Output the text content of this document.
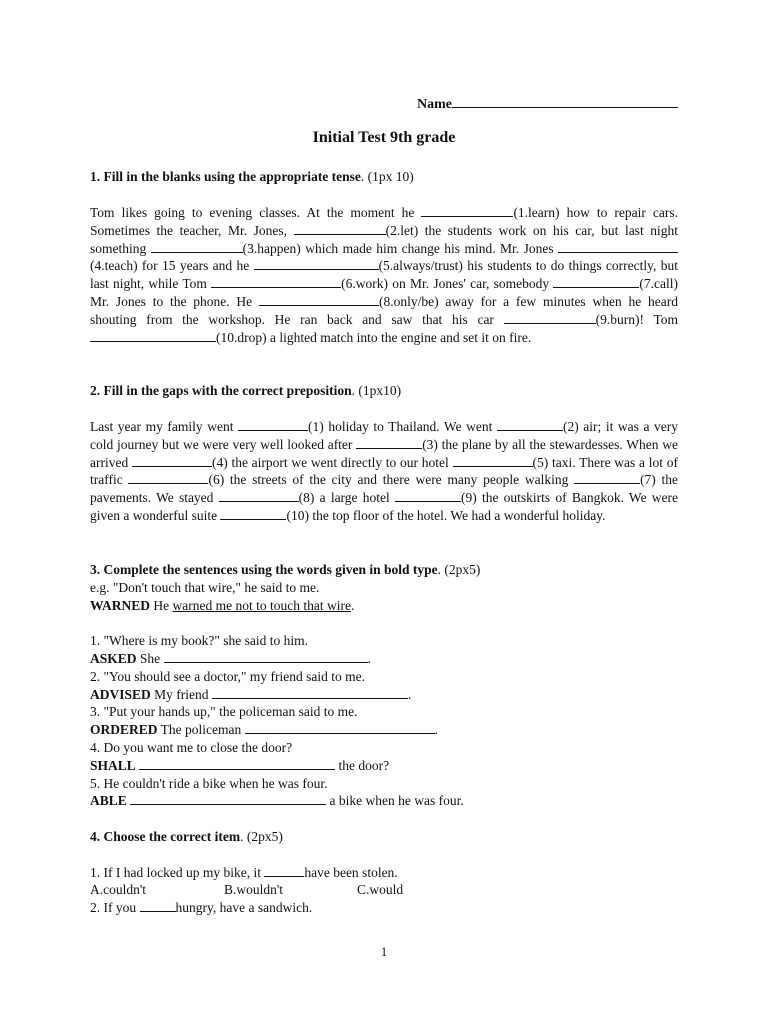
Name
Initial Test 9th grade
1. Fill in the blanks using the appropriate tense. (1px 10)
Tom likes going to evening classes. At the moment he	(1.learn) how to repair cars. Sometimes the teacher, Mr. Jones,	(2.let) the students work on his car, but last night something	(3.happen) which made him change his mind. Mr. Jones (4.teach) for 15 years and he	(5.always/trust) his students to do things correctly, but last night, while Tom	(6.work) on Mr. Jones' car, somebody	(7.call) Mr. Jones to the phone. He	(8.only/be) away for a few minutes when he heard shouting from the workshop. He ran back and saw that his car	(9.burn)! Tom (10.drop) a lighted match into the engine and set it on fire.
2. Fill in the gaps with the correct preposition. (1px10)
Last year my family went	(1) holiday to Thailand. We went	(2) air; it was a very cold journey but we were very well looked after	(3) the plane by all the stewardesses. When we arrived	(4) the airport we went directly to our hotel	(5) taxi. There was a lot of traffic	(6) the streets of the city and there were many people walking	(7) the pavements. We stayed	(8) a large hotel	(9) the outskirts of Bangkok. We were given a wonderful suite	(10) the top floor of the hotel. We had a wonderful holiday.
3. Complete the sentences using the words given in bold type. (2px5)
e.g. "Don't touch that wire," he said to me.
WARNED He warned me not to touch that wire.
1. "Where is my book?" she said to him.
ASKED She	.
2. "You should see a doctor," my friend said to me.
ADVISED My friend	.
3. "Put your hands up," the policeman said to me.
ORDERED The policeman	.
4. Do you want me to close the door?
SHALL	the door?
5. He couldn't ride a bike when he was four.
ABLE	a bike when he was four.
4. Choose the correct item. (2px5)
1. If I had locked up my bike, it	have been stolen.
A.couldn't	B.wouldn't	C.would
2. If you	hungry, have a sandwich.
1
